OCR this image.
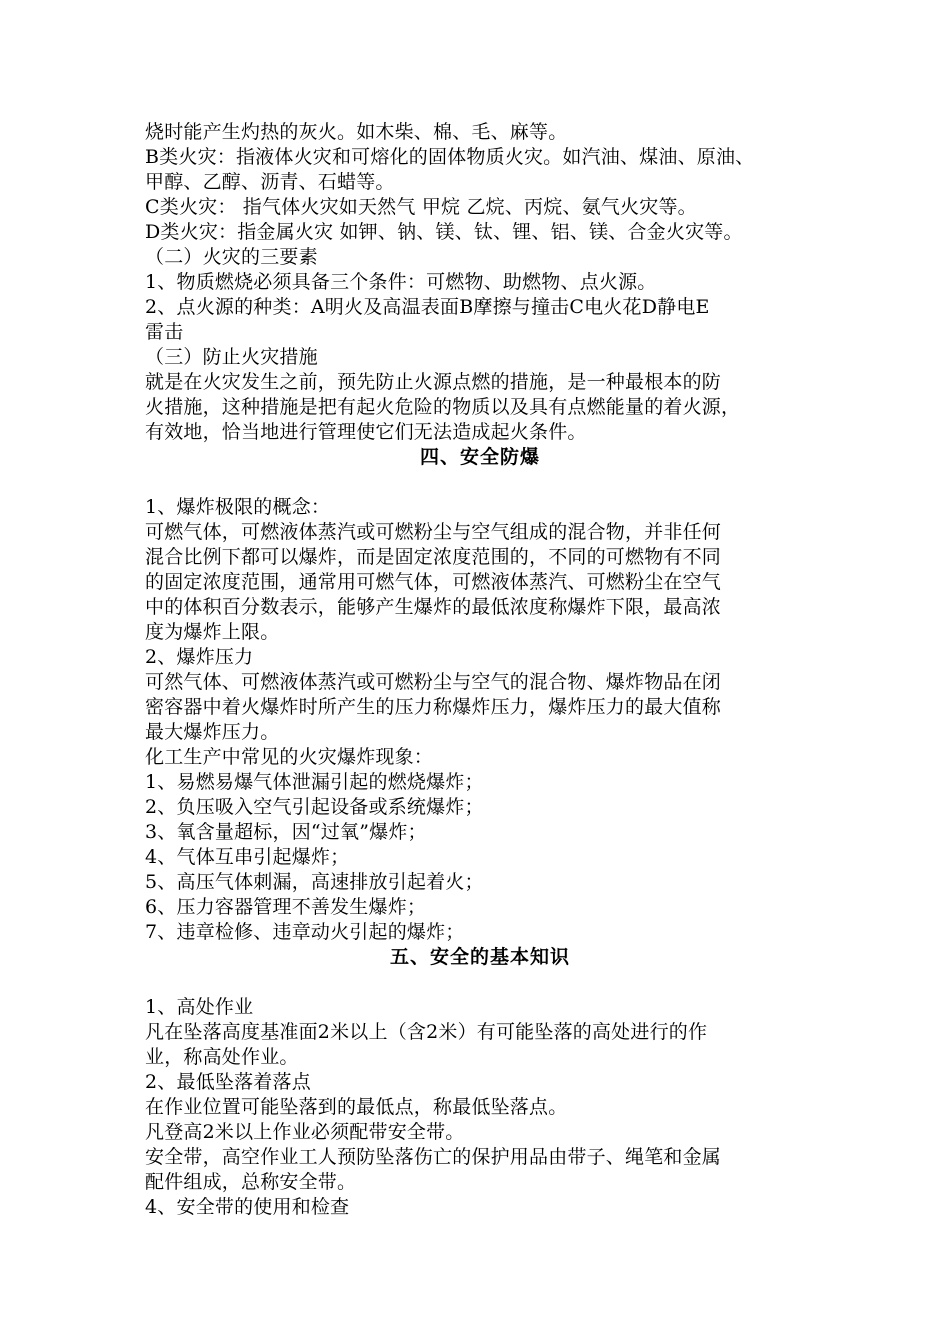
烧时能产生灼热的灰火。如木柴、棉、毛、麻等。
B类火灾：指液体火灾和可熔化的固体物质火灾。如汽油、煤油、原油、
甲醇、乙醇、沥青、石蜡等。
C类火灾： 指气体火灾如天然气 甲烷 乙烷、丙烷、氨气火灾等。
D类火灾：指金属火灾 如钾、钠、镁、钛、锂、铝、镁、合金火灾等。
（二）火灾的三要素
1、物质燃烧必须具备三个条件：可燃物、助燃物、点火源。
2、点火源的种类：A明火及高温表面B摩擦与撞击C电火花D静电E
雷击
（三）防止火灾措施
就是在火灾发生之前，预先防止火源点燃的措施，是一种最根本的防
火措施，这种措施是把有起火危险的物质以及具有点燃能量的着火源，
有效地，恰当地进行管理使它们无法造成起火条件。
四、安全防爆
1、爆炸极限的概念：
可燃气体，可燃液体蒸汽或可燃粉尘与空气组成的混合物，并非任何
混合比例下都可以爆炸，而是固定浓度范围的，不同的可燃物有不同
的固定浓度范围，通常用可燃气体，可燃液体蒸汽、可燃粉尘在空气
中的体积百分数表示，能够产生爆炸的最低浓度称爆炸下限，最高浓
度为爆炸上限。
2、爆炸压力
可然气体、可燃液体蒸汽或可燃粉尘与空气的混合物、爆炸物品在闭
密容器中着火爆炸时所产生的压力称爆炸压力，爆炸压力的最大值称
最大爆炸压力。
化工生产中常见的火灾爆炸现象：
1、易燃易爆气体泄漏引起的燃烧爆炸；
2、负压吸入空气引起设备或系统爆炸；
3、氧含量超标，因“过氧”爆炸；
4、气体互串引起爆炸；
5、高压气体刺漏，高速排放引起着火；
6、压力容器管理不善发生爆炸；
7、违章检修、违章动火引起的爆炸；
五、安全的基本知识
1、高处作业
凡在坠落高度基准面2米以上（含2米）有可能坠落的高处进行的作
业，称高处作业。
2、最低坠落着落点
在作业位置可能坠落到的最低点，称最低坠落点。
凡登高2米以上作业必须配带安全带。
安全带，高空作业工人预防坠落伤亡的保护用品由带子、绳笔和金属
配件组成，总称安全带。
4、安全带的使用和检查
